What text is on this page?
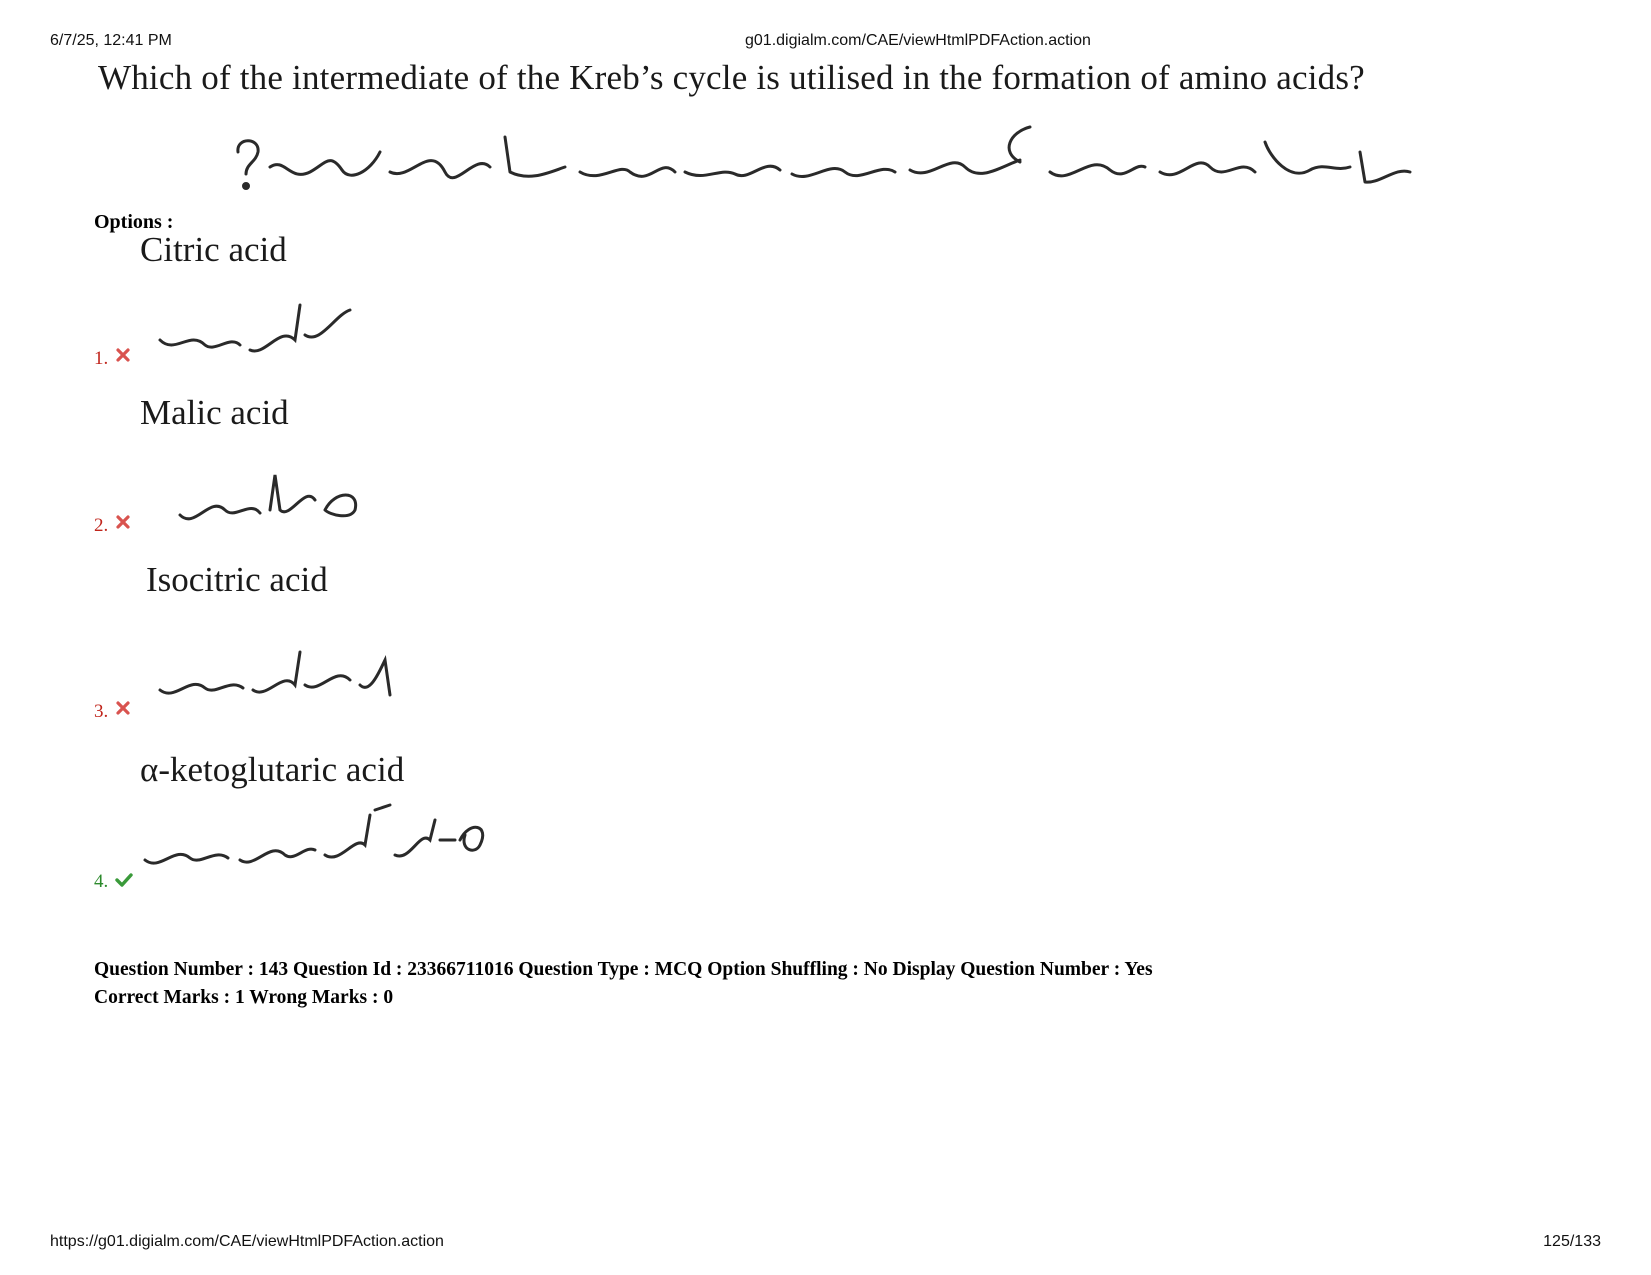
6/7/25, 12:41 PM	g01.digialm.com/CAE/viewHtmlPDFAction.action
Which of the intermediate of the Kreb’s cycle is utilised in the formation of amino acids?
Options :
Citric acid
1.
Malic acid
2.
Isocitric acid
3.
α-ketoglutaric acid
4.
Question Number : 143 Question Id : 23366711016 Question Type : MCQ Option Shuffling : No Display Question Number : Yes
Correct Marks : 1 Wrong Marks : 0
https://g01.digialm.com/CAE/viewHtmlPDFAction.action	125/133
